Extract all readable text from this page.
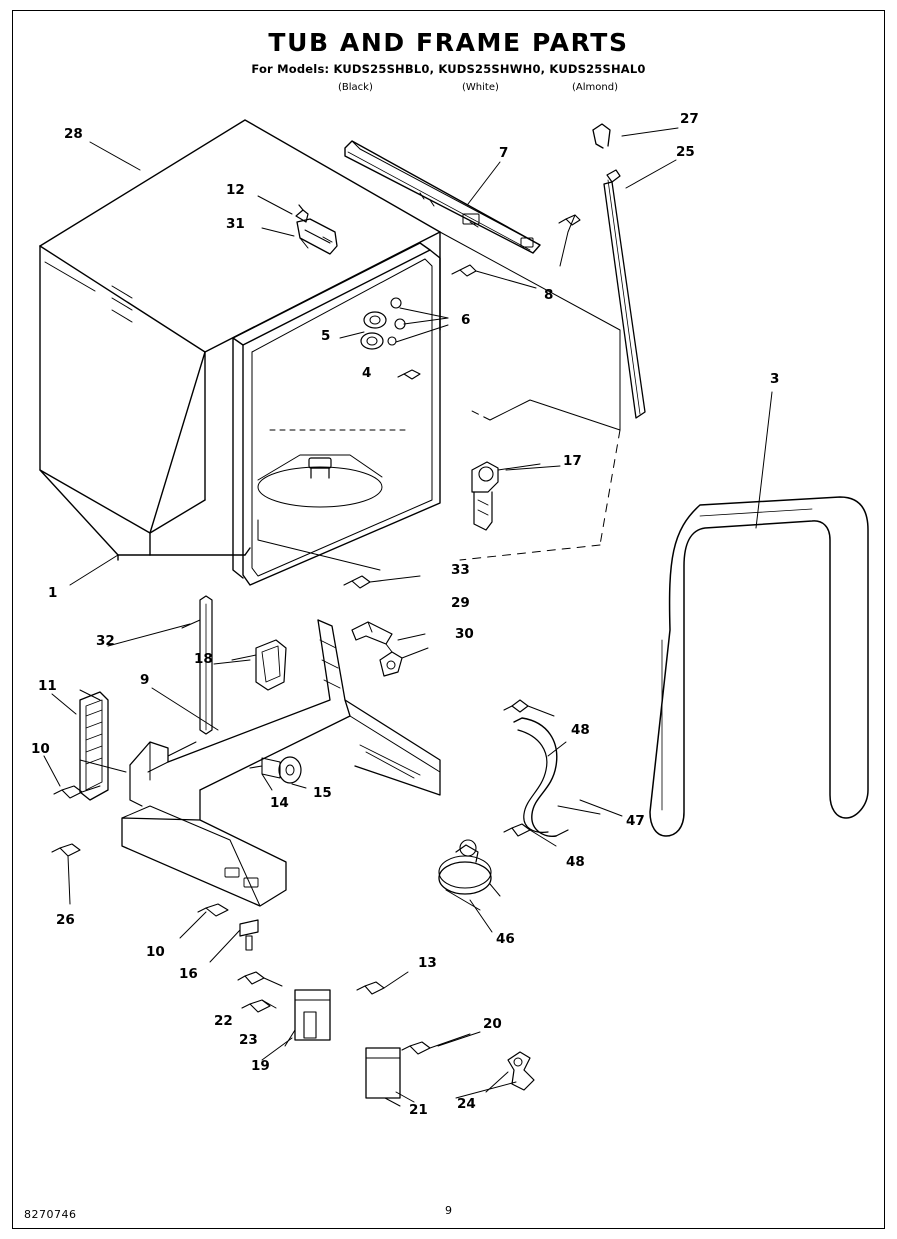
TUB AND FRAME PARTS
For Models: KUDS25SHBL0, KUDS25SHWH0, KUDS25SHAL0
(Black)	(White)	(Almond)
28
12
31
7
27
25
8
6
5
4	3
17
1
33
29
30
32
18
9
11
10
14
15
48
47
48
26
10
16
46
13
22
23
19
20
21 24
8270746	9
